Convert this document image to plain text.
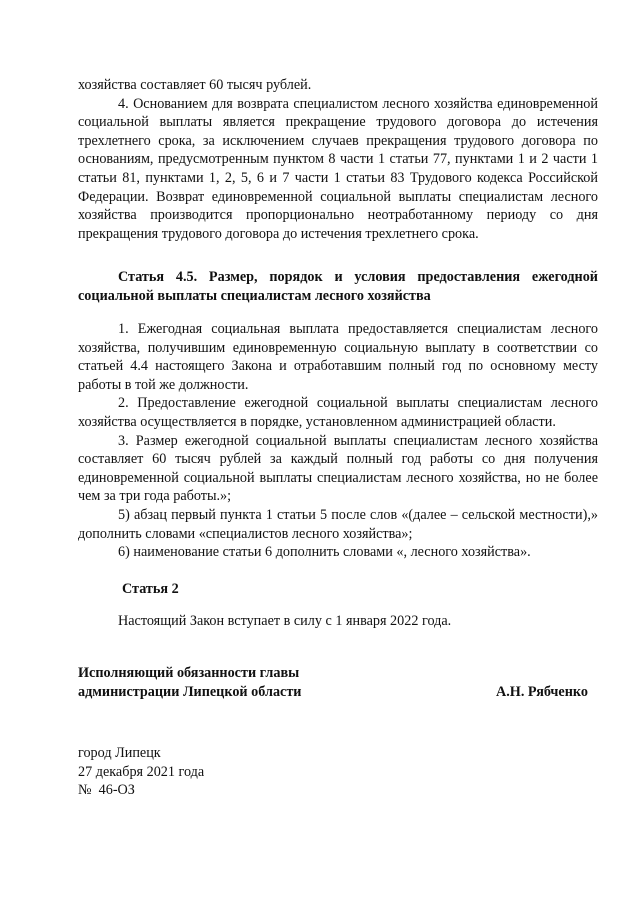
хозяйства составляет 60 тысяч рублей.

4. Основанием для возврата специалистом лесного хозяйства единовременной социальной выплаты является прекращение трудового договора до истечения трехлетнего срока, за исключением случаев прекращения трудового договора по основаниям, предусмотренным пунктом 8 части 1 статьи 77, пунктами 1 и 2 части 1 статьи 81, пунктами 1, 2, 5, 6 и 7 части 1 статьи 83 Трудового кодекса Российской Федерации. Возврат единовременной социальной выплаты специалистам лесного хозяйства производится пропорционально неотработанному периоду со дня прекращения трудового договора до истечения трехлетнего срока.

Статья 4.5. Размер, порядок и условия предоставления ежегодной социальной выплаты специалистам лесного хозяйства

1. Ежегодная социальная выплата предоставляется специалистам лесного хозяйства, получившим единовременную социальную выплату в соответствии со статьей 4.4 настоящего Закона и отработавшим полный год по основному месту работы в той же должности.

2. Предоставление ежегодной социальной выплаты специалистам лесного хозяйства осуществляется в порядке, установленном администрацией области.

3. Размер ежегодной социальной выплаты специалистам лесного хозяйства составляет 60 тысяч рублей за каждый полный год работы со дня получения единовременной социальной выплаты специалистам лесного хозяйства, но не более чем за три года работы.»;

5) абзац первый пункта 1 статьи 5 после слов «(далее – сельской местности),» дополнить словами «специалистов лесного хозяйства»;

6) наименование статьи 6 дополнить словами «, лесного хозяйства».

Статья 2
Настоящий Закон вступает в силу с 1 января 2022 года.
Исполняющий обязанности главы
администрации Липецкой области	А.Н. Рябченко
город Липецк
27 декабря 2021 года
№  46-ОЗ
